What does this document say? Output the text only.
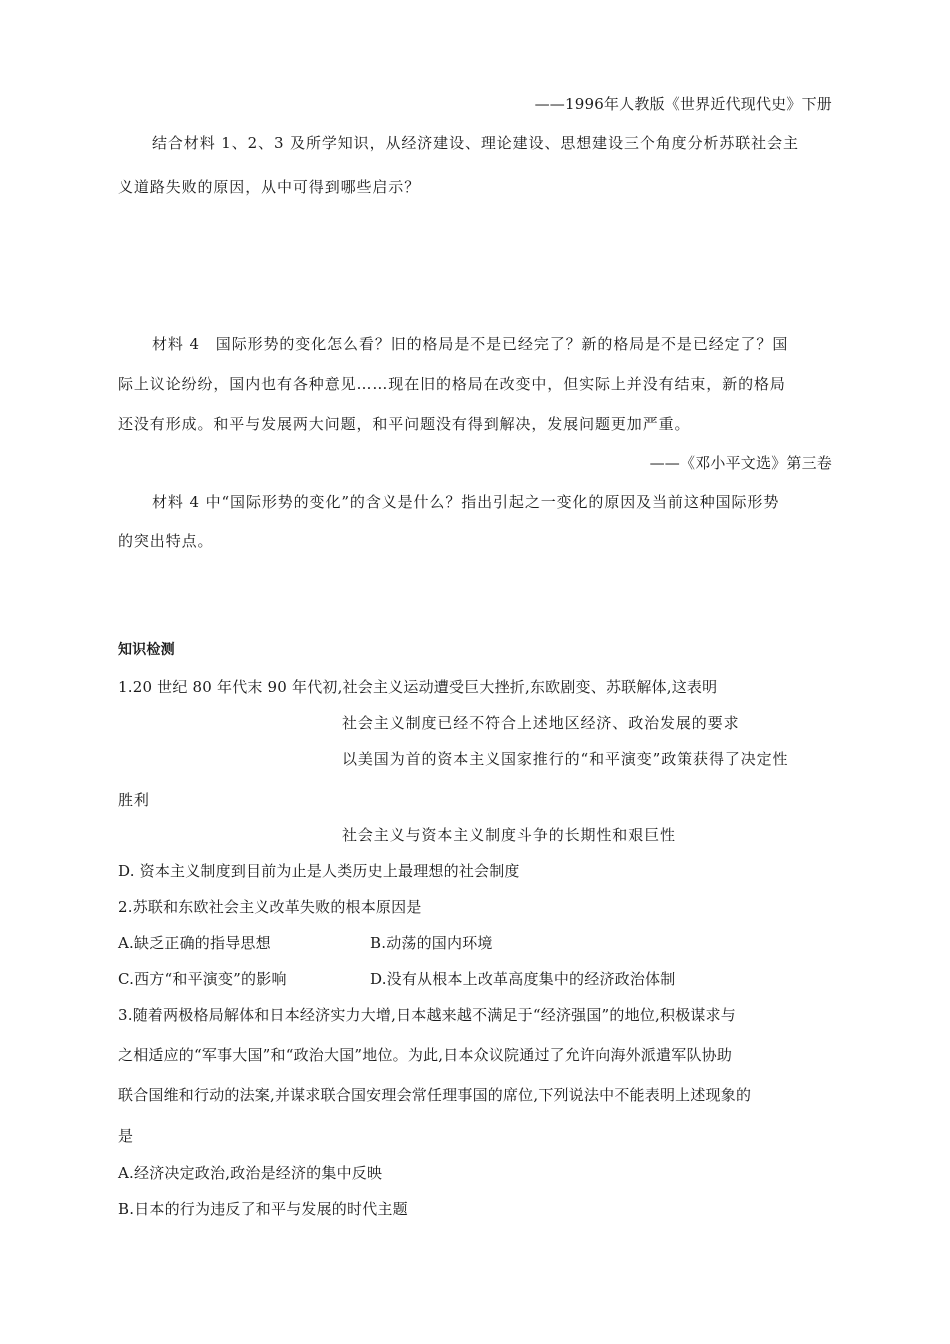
——1996年人教版《世界近代现代史》下册
结合材料 1、2、3 及所学知识，从经济建设、理论建设、思想建设三个角度分析苏联社会主
义道路失败的原因，从中可得到哪些启示？
材料 4　国际形势的变化怎么看？旧的格局是不是已经完了？新的格局是不是已经定了？国
际上议论纷纷，国内也有各种意见……现在旧的格局在改变中，但实际上并没有结束，新的格局
还没有形成。和平与发展两大问题，和平问题没有得到解决，发展问题更加严重。
——《邓小平文选》第三卷
材料 4 中“国际形势的变化”的含义是什么？指出引起之一变化的原因及当前这种国际形势
的突出特点。
知识检测
1.20 世纪 80 年代末 90 年代初,社会主义运动遭受巨大挫折,东欧剧变、苏联解体,这表明
社会主义制度已经不符合上述地区经济、政治发展的要求
以美国为首的资本主义国家推行的“和平演变”政策获得了决定性
胜利
社会主义与资本主义制度斗争的长期性和艰巨性
D. 资本主义制度到目前为止是人类历史上最理想的社会制度
2.苏联和东欧社会主义改革失败的根本原因是
A.缺乏正确的指导思想	B.动荡的国内环境
C.西方“和平演变”的影响	D.没有从根本上改革高度集中的经济政治体制
3.随着两极格局解体和日本经济实力大增,日本越来越不满足于“经济强国”的地位,积极谋求与
之相适应的“军事大国”和“政治大国”地位。为此,日本众议院通过了允许向海外派遣军队协助
联合国维和行动的法案,并谋求联合国安理会常任理事国的席位,下列说法中不能表明上述现象的
是
A.经济决定政治,政治是经济的集中反映
B.日本的行为违反了和平与发展的时代主题
